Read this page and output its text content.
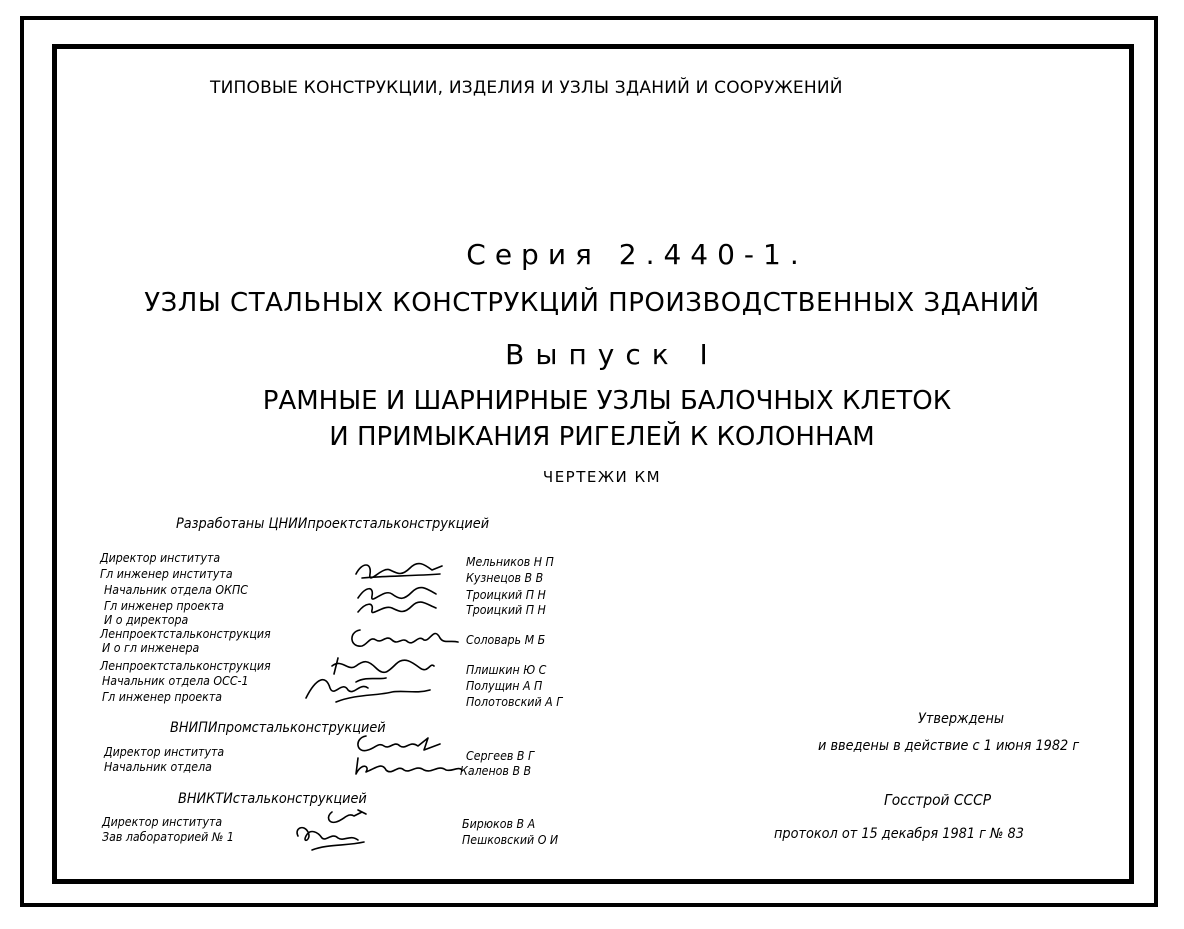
ТИПОВЫЕ КОНСТРУКЦИИ, ИЗДЕЛИЯ И УЗЛЫ ЗДАНИЙ И СООРУЖЕНИЙ
Серия 2.440-1.
УЗЛЫ СТАЛЬНЫХ КОНСТРУКЦИЙ ПРОИЗВОДСТВЕННЫХ ЗДАНИЙ
Выпуск I
РАМНЫЕ И ШАРНИРНЫЕ УЗЛЫ БАЛОЧНЫХ КЛЕТОК
И ПРИМЫКАНИЯ РИГЕЛЕЙ К КОЛОННАМ
ЧЕРТЕЖИ КМ
Разработаны ЦНИИпроектстальконструкцией
Директор института
Гл инженер института
Начальник отдела ОКПС
Гл инженер проекта
И о директора
Ленпроектстальконструкция
И о гл инженера
Ленпроектстальконструкция
Начальник отдела ОСС-1
Гл инженер проекта
Мельников Н П
Кузнецов В В
Троицкий П Н
Троицкий П Н
Соловарь М Б
Плишкин Ю С
Полущин А П
Полотовский А Г
ВНИПИпромстальконструкцией
Директор института
Начальник отдела
Сергеев В Г
Каленов В В
ВНИКТИстальконструкцией
Директор института
Зав лабораторией № 1
Бирюков В А
Пешковский О И
Утверждены
и введены в действие с 1 июня 1982 г
Госстрой СССР
протокол от 15 декабря 1981 г № 83
